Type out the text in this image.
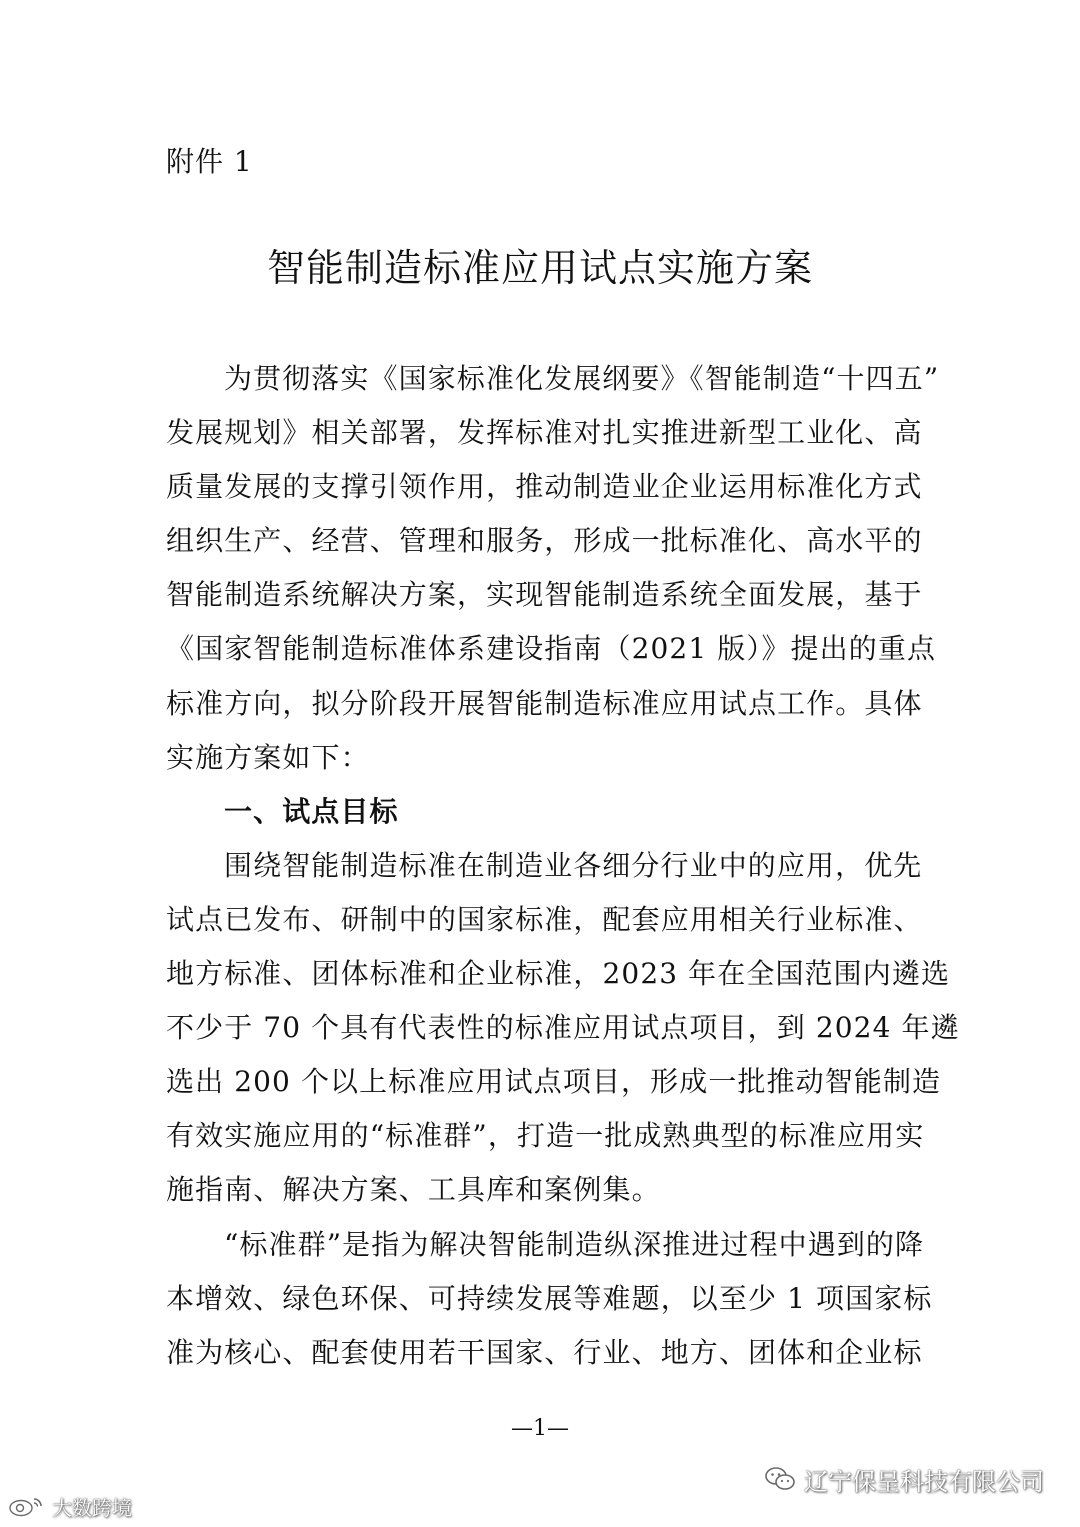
附件 1
智能制造标准应用试点实施方案
为贯彻落实《国家标准化发展纲要》《智能制造“十四五”
发展规划》相关部署，发挥标准对扎实推进新型工业化、高
质量发展的支撑引领作用，推动制造业企业运用标准化方式
组织生产、经营、管理和服务，形成一批标准化、高水平的
智能制造系统解决方案，实现智能制造系统全面发展，基于
《国家智能制造标准体系建设指南（2021 版）》提出的重点
标准方向，拟分阶段开展智能制造标准应用试点工作。具体
实施方案如下：
一、试点目标
围绕智能制造标准在制造业各细分行业中的应用，优先
试点已发布、研制中的国家标准，配套应用相关行业标准、
地方标准、团体标准和企业标准，2023 年在全国范围内遴选
不少于 70 个具有代表性的标准应用试点项目，到 2024 年遴
选出 200 个以上标准应用试点项目，形成一批推动智能制造
有效实施应用的“标准群”，打造一批成熟典型的标准应用实
施指南、解决方案、工具库和案例集。
“标准群”是指为解决智能制造纵深推进过程中遇到的降
本增效、绿色环保、可持续发展等难题，以至少 1 项国家标
准为核心、配套使用若干国家、行业、地方、团体和企业标
—1—
辽宁保呈科技有限公司
大数跨境
